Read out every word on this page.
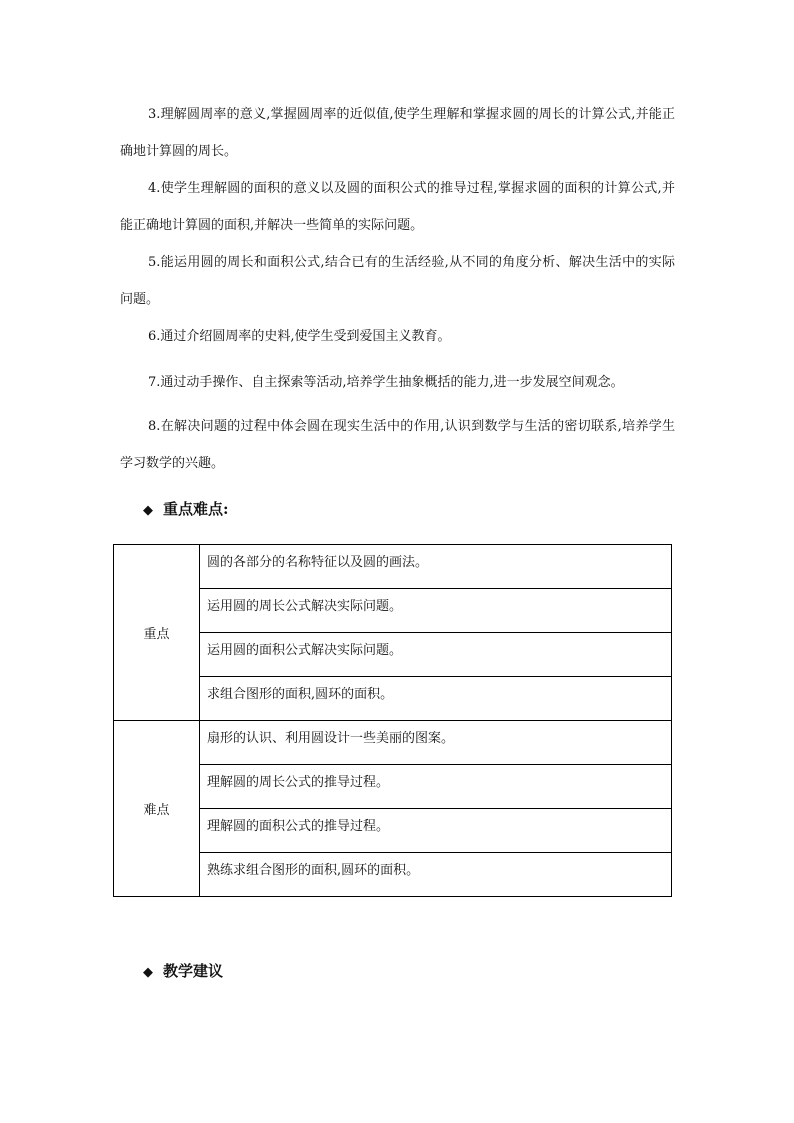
3.理解圆周率的意义,掌握圆周率的近似值,使学生理解和掌握求圆的周长的计算公式,并能正确地计算圆的周长。

4.使学生理解圆的面积的意义以及圆的面积公式的推导过程,掌握求圆的面积的计算公式,并能正确地计算圆的面积,并解决一些简单的实际问题。

5.能运用圆的周长和面积公式,结合已有的生活经验,从不同的角度分析、解决生活中的实际问题。

6.通过介绍圆周率的史料,使学生受到爱国主义教育。

7.通过动手操作、自主探索等活动,培养学生抽象概括的能力,进一步发展空间观念。

8.在解决问题的过程中体会圆在现实生活中的作用,认识到数学与生活的密切联系,培养学生学习数学的兴趣。

◆ 重点难点:
重点	圆的各部分的名称特征以及圆的画法。
	运用圆的周长公式解决实际问题。
	运用圆的面积公式解决实际问题。
	求组合图形的面积,圆环的面积。
难点	扇形的认识、利用圆设计一些美丽的图案。
	理解圆的周长公式的推导过程。
	理解圆的面积公式的推导过程。
	熟练求组合图形的面积,圆环的面积。
◆ 教学建议
